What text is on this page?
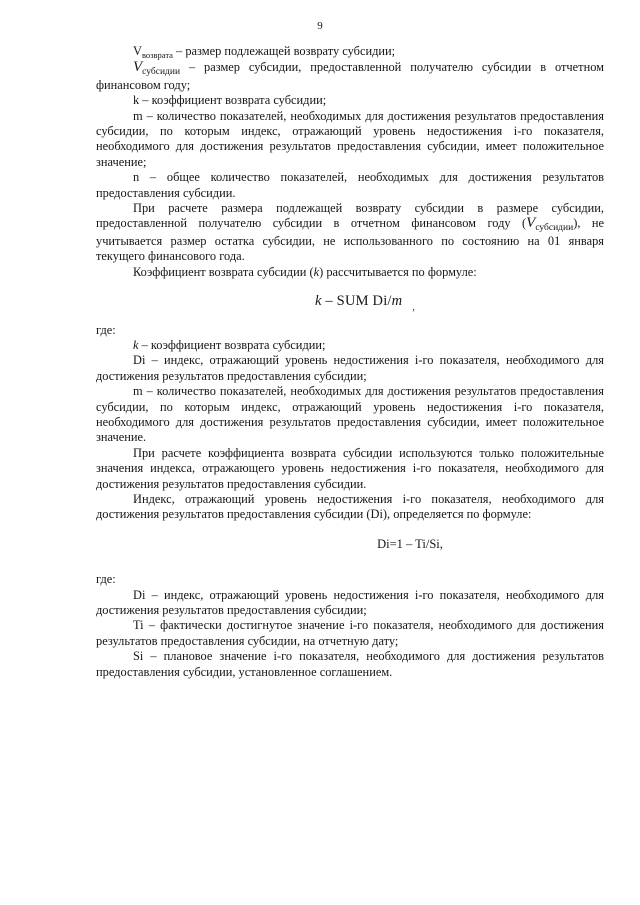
9

$V_{возврата}$ – размер подлежащей возврату субсидии;

$V_{субсидии}$ – размер субсидии, предоставленной получателю субсидии в отчетном финансовом году;

k – коэффициент возврата субсидии;

m – количество показателей, необходимых для достижения результатов предоставления субсидии, по которым индекс, отражающий уровень недостижения i-го показателя, необходимого для достижения результатов предоставления субсидии, имеет положительное значение;

n – общее количество показателей, необходимых для достижения результатов предоставления субсидии.

При расчете размера подлежащей возврату субсидии в размере субсидии, предоставленной получателю субсидии в отчетном финансовом году $(V_{субсидии})$, не учитывается размер остатка субсидии, не использованного по состоянию на 01 января текущего финансового года.

Коэффициент возврата субсидии (k) рассчитывается по формуле:

k – SUM Di/m $_,$

где:

k – коэффициент возврата субсидии;

Di – индекс, отражающий уровень недостижения i-го показателя, необходимого для достижения результатов предоставления субсидии;

m – количество показателей, необходимых для достижения результатов предоставления субсидии, по которым индекс, отражающий уровень недостижения i-го показателя, необходимого для достижения результатов предоставления субсидии, имеет положительное значение.

При расчете коэффициента возврата субсидии используются только положительные значения индекса, отражающего уровень недостижения i-го показателя, необходимого для достижения результатов предоставления субсидии.

Индекс, отражающий уровень недостижения i-го показателя, необходимого для достижения результатов предоставления субсидии (Di), определяется по формуле:

Di=1 – Ti/Si,

где:

Di – индекс, отражающий уровень недостижения i-го показателя, необходимого для достижения результатов предоставления субсидии;

Ti – фактически достигнутое значение i-го показателя, необходимого для достижения результатов предоставления субсидии, на отчетную дату;

Si – плановое значение i-го показателя, необходимого для достижения результатов предоставления субсидии, установленное соглашением.
